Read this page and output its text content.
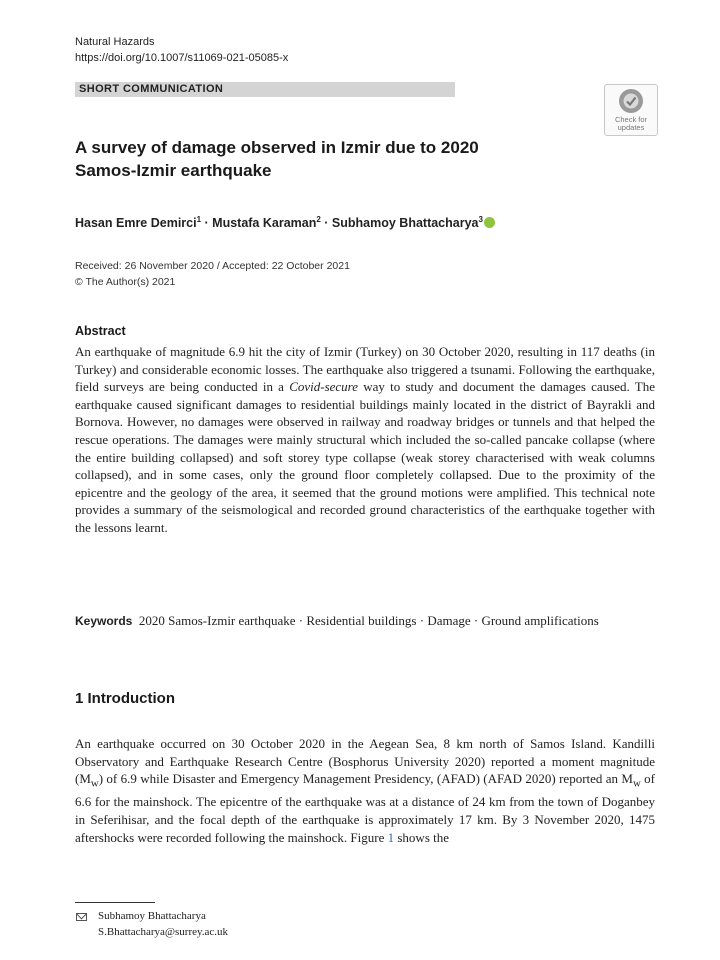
Natural Hazards
https://doi.org/10.1007/s11069-021-05085-x
SHORT COMMUNICATION
Check for
updates
A survey of damage observed in Izmir due to 2020
Samos-Izmir earthquake
Hasan Emre Demirci$^1$ · Mustafa Karaman$^2$ · Subhamoy Bhattacharya$^3$
Received: 26 November 2020 / Accepted: 22 October 2021
© The Author(s) 2021
Abstract
An earthquake of magnitude 6.9 hit the city of Izmir (Turkey) on 30 October 2020, resulting in 117 deaths (in Turkey) and considerable economic losses. The earthquake also triggered a tsunami. Following the earthquake, field surveys are being conducted in a Covid-secure way to study and document the damages caused. The earthquake caused significant damages to residential buildings mainly located in the district of Bayrakli and Bornova. However, no damages were observed in railway and roadway bridges or tunnels and that helped the rescue operations. The damages were mainly structural which included the so-called pancake collapse (where the entire building collapsed) and soft storey type collapse (weak storey characterised with weak columns collapsed), and in some cases, only the ground floor completely collapsed. Due to the proximity of the epicentre and the geology of the area, it seemed that the ground motions were amplified. This technical note provides a summary of the seismological and recorded ground characteristics of the earthquake together with the lessons learnt.
Keywords 2020 Samos-Izmir earthquake · Residential buildings · Damage · Ground amplifications
1 Introduction
An earthquake occurred on 30 October 2020 in the Aegean Sea, 8 km north of Samos Island. Kandilli Observatory and Earthquake Research Centre (Bosphorus University 2020) reported a moment magnitude $(M_w)$ of 6.9 while Disaster and Emergency Management Presidency, (AFAD) (AFAD 2020) reported an $M_w$ of 6.6 for the mainshock. The epicentre of the earthquake was at a distance of 24 km from the town of Doganbey in Seferihisar, and the focal depth of the earthquake is approximately 17 km. By 3 November 2020, 1475 aftershocks were recorded following the mainshock. Figure 1 shows the
Subhamoy Bhattacharya
S.Bhattacharya@surrey.ac.uk
